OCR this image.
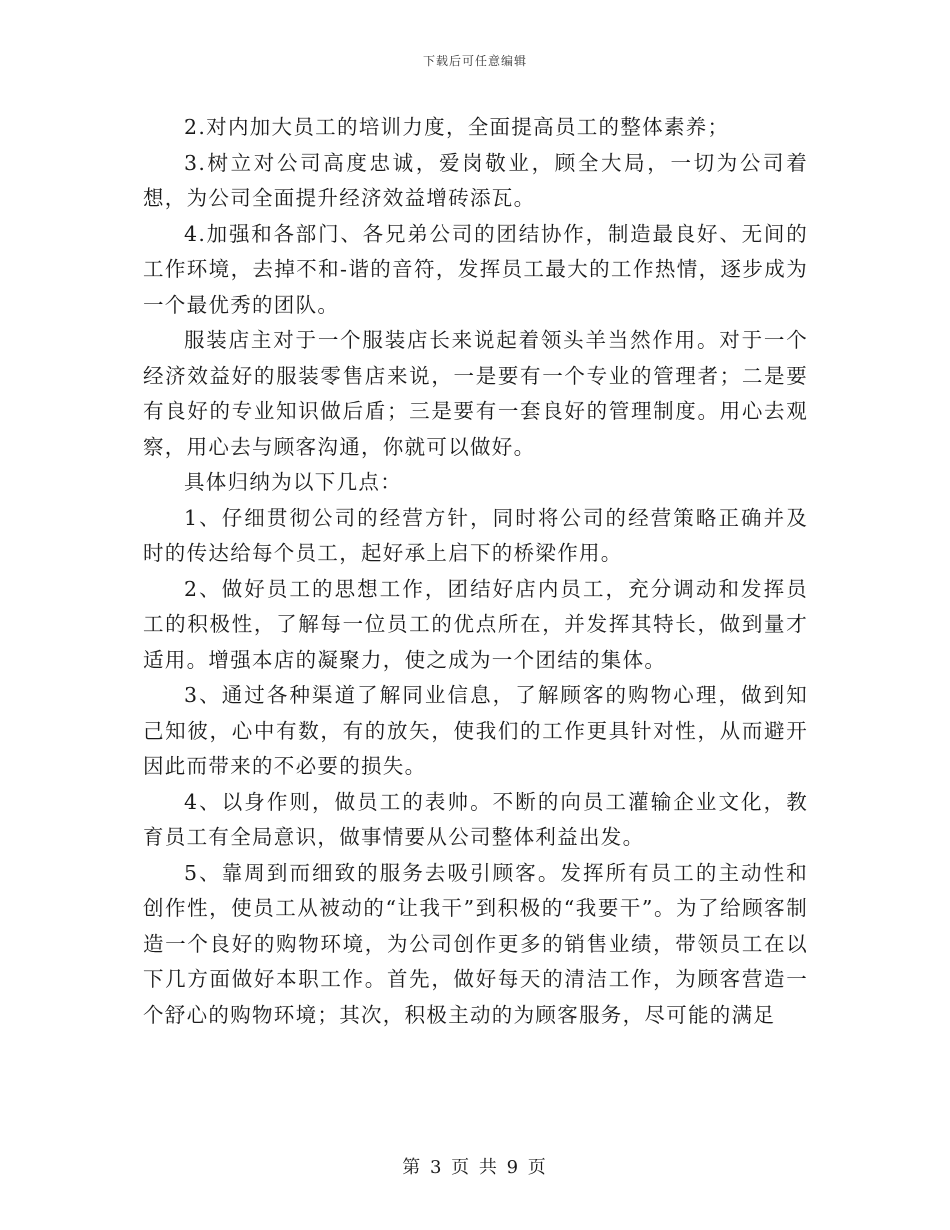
下载后可任意编辑

2.对内加大员工的培训力度，全面提高员工的整体素养；

3.树立对公司高度忠诚，爱岗敬业，顾全大局，一切为公司着想，为公司全面提升经济效益增砖添瓦。

4.加强和各部门、各兄弟公司的团结协作，制造最良好、无间的工作环境，去掉不和-谐的音符，发挥员工最大的工作热情，逐步成为一个最优秀的团队。

服装店主对于一个服装店长来说起着领头羊当然作用。对于一个经济效益好的服装零售店来说，一是要有一个专业的管理者；二是要有良好的专业知识做后盾；三是要有一套良好的管理制度。用心去观察，用心去与顾客沟通，你就可以做好。

具体归纳为以下几点：

1、仔细贯彻公司的经营方针，同时将公司的经营策略正确并及时的传达给每个员工，起好承上启下的桥梁作用。

2、做好员工的思想工作，团结好店内员工，充分调动和发挥员工的积极性，了解每一位员工的优点所在，并发挥其特长，做到量才适用。增强本店的凝聚力，使之成为一个团结的集体。

3、通过各种渠道了解同业信息，了解顾客的购物心理，做到知己知彼，心中有数，有的放矢，使我们的工作更具针对性，从而避开因此而带来的不必要的损失。

4、以身作则，做员工的表帅。不断的向员工灌输企业文化，教育员工有全局意识，做事情要从公司整体利益出发。

5、靠周到而细致的服务去吸引顾客。发挥所有员工的主动性和创作性，使员工从被动的“让我干”到积极的“我要干”。为了给顾客制造一个良好的购物环境，为公司创作更多的销售业绩，带领员工在以下几方面做好本职工作。首先，做好每天的清洁工作，为顾客营造一个舒心的购物环境；其次，积极主动的为顾客服务，尽可能的满足

第 3 页 共 9 页
